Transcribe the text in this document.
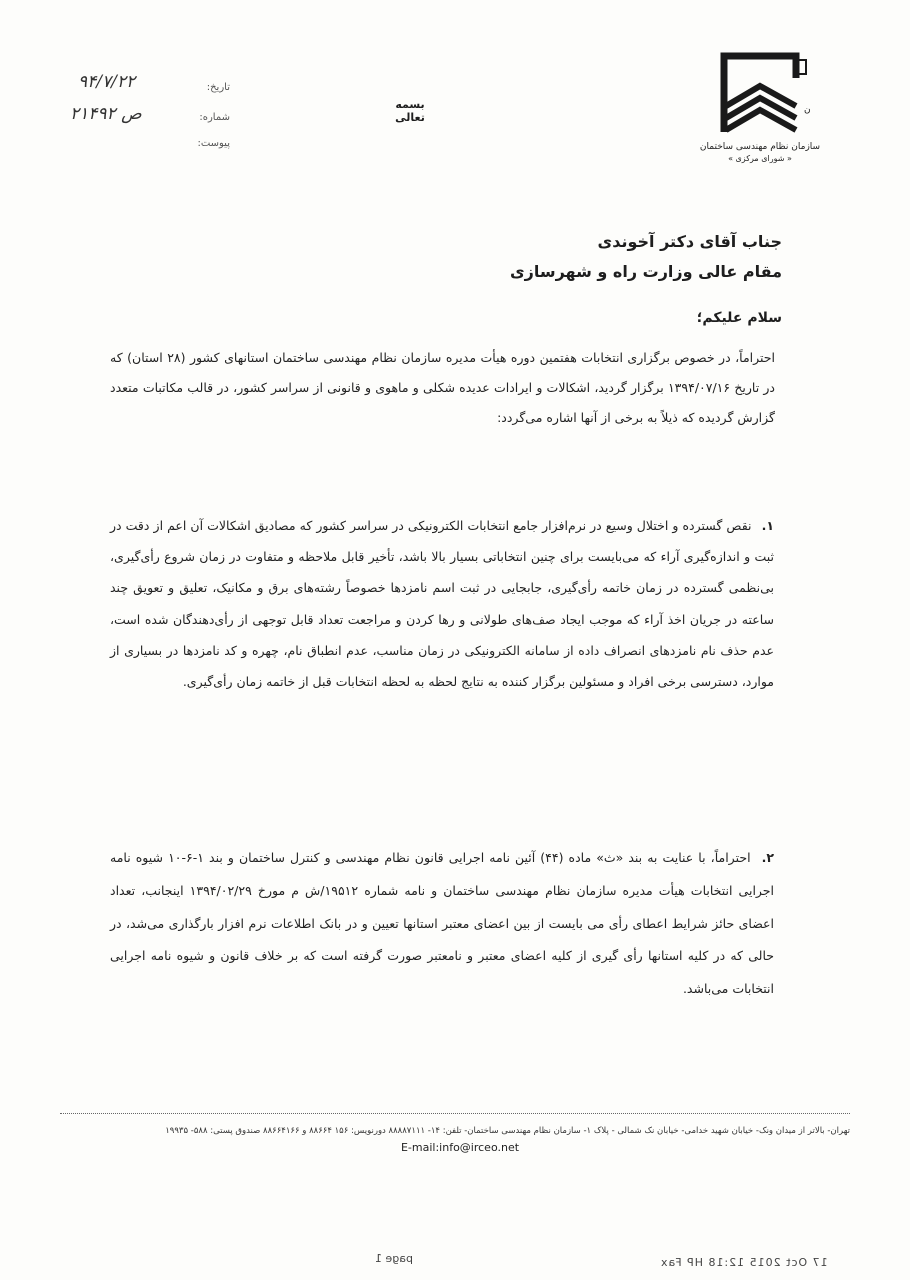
ن
سازمان نظام مهندسی ساختمان
« شورای مرکزی »
بسمه تعالی
تاریخ:
۹۴/۷/۲۲
شماره:
۲۱۴۹۲ ص
پیوست:
جناب آقای دکتر آخوندی
مقام عالی وزارت راه و شهرسازی
سلام علیکم؛
احتراماً، در خصوص برگزاری انتخابات هفتمین دوره هیأت مدیره سازمان نظام مهندسی ساختمان استانهای کشور (۲۸ استان) که در تاریخ ۱۳۹۴/۰۷/۱۶ برگزار گردید، اشکالات و ایرادات عدیده شکلی و ماهوی و قانونی از سراسر کشور، در قالب مکاتبات متعدد گزارش گردیده که ذیلاً به برخی از آنها اشاره می‌گردد:
۱. نقص گسترده و اختلال وسیع در نرم‌افزار جامع انتخابات الکترونیکی در سراسر کشور که مصادیق اشکالات آن اعم از دقت در ثبت و اندازه‌گیری آراء که می‌بایست برای چنین انتخاباتی بسیار بالا باشد، تأخیر قابل ملاحظه و متفاوت در زمان شروع رأی‌گیری، بی‌نظمی گسترده در زمان خاتمه رأی‌گیری، جابجایی در ثبت اسم نامزدها خصوصاً رشته‌های برق و مکانیک، تعلیق و تعویق چند ساعته در جریان اخذ آراء که موجب ایجاد صف‌های طولانی و رها کردن و مراجعت تعداد قابل توجهی از رأی‌دهندگان شده است، عدم حذف نام نامزدهای انصراف داده از سامانه الکترونیکی در زمان مناسب، عدم انطباق نام، چهره و کد نامزدها در بسیاری از موارد، دسترسی برخی افراد و مسئولین برگزار کننده به نتایج لحظه به لحظه انتخابات قبل از خاتمه زمان رأی‌گیری.
۲. احتراماً، با عنایت به بند «ث» ماده (۴۴) آئین نامه اجرایی قانون نظام مهندسی و کنترل ساختمان و بند ۱-۶-۱۰ شیوه نامه اجرایی انتخابات هیأت مدیره سازمان نظام مهندسی ساختمان و نامه شماره ۱۹۵۱۲/ش م مورخ ۱۳۹۴/۰۲/۲۹ اینجانب، تعداد اعضای حائز شرایط اعطای رأی می بایست از بین اعضای معتبر استانها تعیین و در بانک اطلاعات نرم افزار بارگذاری می‌شد، در حالی که در کلیه استانها رأی گیری از کلیه اعضای معتبر و نامعتبر صورت گرفته است که بر خلاف قانون و شیوه نامه اجرایی انتخابات می‌باشد.
تهران- بالاتر از میدان ونک- خیابان شهید خدامی- خیابان نک شمالی - پلاک ۱- سازمان نظام مهندسی ساختمان- تلفن: ۱۴- ۸۸۸۸۷۱۱۱ دورنویس: ۱۵۶ ۸۸۶۶۴ و ۸۸۶۶۴۱۶۶ صندوق پستی: ۵۸۸- ۱۹۹۳۵
E-mail:info@irceo.net
page 1	17 Oct 2015 12:18 HP Fax
